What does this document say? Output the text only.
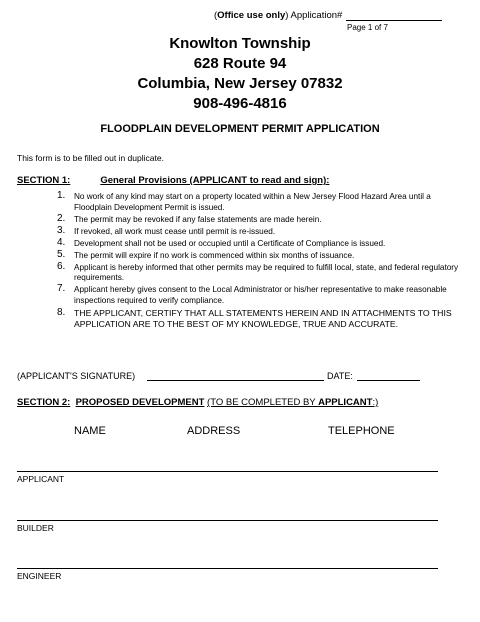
(Office use only) Application#
Page 1 of 7
Knowlton Township
628 Route 94
Columbia, New Jersey 07832
908-496-4816
FLOODPLAIN DEVELOPMENT PERMIT APPLICATION
This form is to be filled out in duplicate.
SECTION 1:	General Provisions (APPLICANT to read and sign):
1. No work of any kind may start on a property located within a New Jersey Flood Hazard Area until a Floodplain Development Permit is issued.
2. The permit may be revoked if any false statements are made herein.
3. If revoked, all work must cease until permit is re-issued.
4. Development shall not be used or occupied until a Certificate of Compliance is issued.
5. The permit will expire if no work is commenced within six months of issuance.
6. Applicant is hereby informed that other permits may be required to fulfill local, state, and federal regulatory requirements.
7. Applicant hereby gives consent to the Local Administrator or his/her representative to make reasonable inspections required to verify compliance.
8. THE APPLICANT, CERTIFY THAT ALL STATEMENTS HEREIN AND IN ATTACHMENTS TO THIS APPLICATION ARE TO THE BEST OF MY KNOWLEDGE, TRUE AND ACCURATE.
(APPLICANT'S SIGNATURE)	DATE:
SECTION 2: PROPOSED DEVELOPMENT (TO BE COMPLETED BY APPLICANT:)
NAME	ADDRESS	TELEPHONE
APPLICANT
BUILDER
ENGINEER
